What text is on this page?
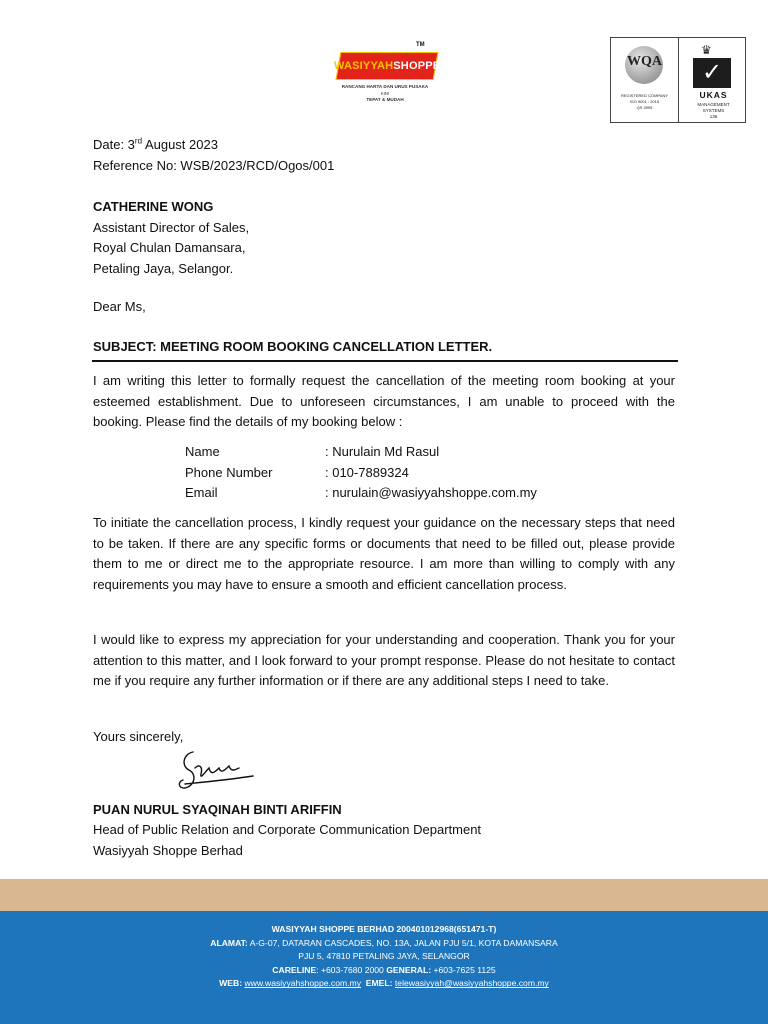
TM
WASIYYAHSHOPPE
RANCANG HARTA DAN URUS PUSAKA
KINI
TEPAT & MUDAH
WQA
REGISTERED COMPANY
ISO 9001 : 2015
QS 3995
♛
✓
UKAS
MANAGEMENT
SYSTEMS
136

Date: 3rd August 2023

Reference No: WSB/2023/RCD/Ogos/001

CATHERINE WONG

Assistant Director of Sales,

Royal Chulan Damansara,

Petaling Jaya, Selangor.

Dear Ms,

SUBJECT: MEETING ROOM BOOKING CANCELLATION LETTER.

I am writing this letter to formally request the cancellation of the meeting room booking at your esteemed establishment. Due to unforeseen circumstances, I am unable to proceed with the booking. Please find the details of my booking below :

Name	: Nurulain Md Rasul
Phone Number	: 010-7889324
Email	: nurulain@wasiyyahshoppe.com.my

To initiate the cancellation process, I kindly request your guidance on the necessary steps that need to be taken. If there are any specific forms or documents that need to be filled out, please provide them to me or direct me to the appropriate resource. I am more than willing to comply with any requirements you may have to ensure a smooth and efficient cancellation process.

I would like to express my appreciation for your understanding and cooperation. Thank you for your attention to this matter, and I look forward to your prompt response. Please do not hesitate to contact me if you require any further information or if there are any additional steps I need to take.

Yours sincerely,

PUAN NURUL SYAQINAH BINTI ARIFFIN

Head of Public Relation and Corporate Communication Department

Wasiyyah Shoppe Berhad

WASIYYAH SHOPPE BERHAD 200401012968(651471-T)
ALAMAT: A-G-07, DATARAN CASCADES, NO. 13A, JALAN PJU 5/1, KOTA DAMANSARA
PJU 5, 47810 PETALING JAYA, SELANGOR
CARELINE: +603-7680 2000 GENERAL: +603-7625 1125
WEB: www.wasiyyahshoppe.com.my EMEL: telewasiyyah@wasiyyahshoppe.com.my
